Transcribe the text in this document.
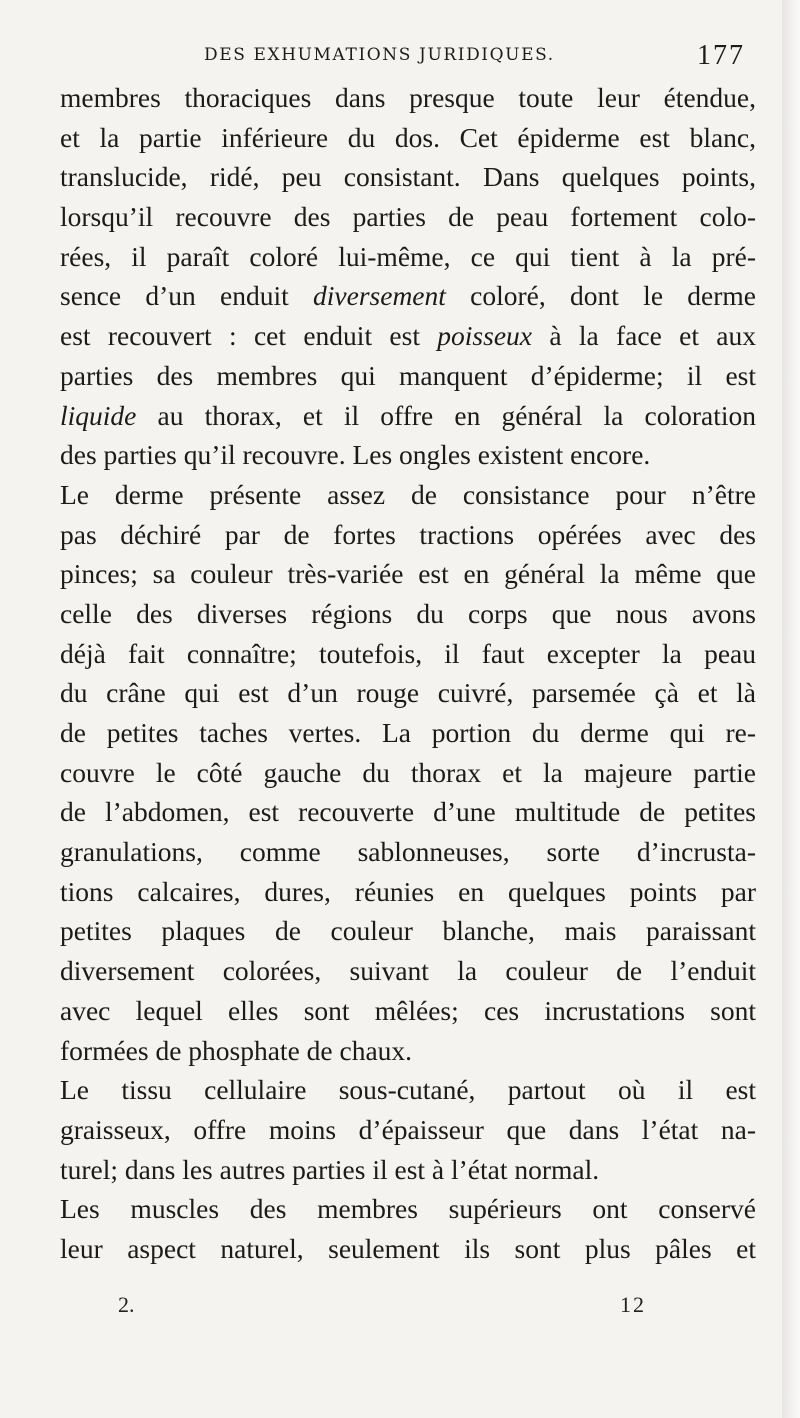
DES EXHUMATIONS JURIDIQUES.	177
membres thoraciques dans presque toute leur étendue,
et la partie inférieure du dos. Cet épiderme est blanc,
translucide, ridé, peu consistant. Dans quelques points,
lorsqu’il recouvre des parties de peau fortement colo-
rées, il paraît coloré lui-même, ce qui tient à la pré-
sence d’un enduit diversement coloré, dont le derme
est recouvert : cet enduit est poisseux à la face et aux
parties des membres qui manquent d’épiderme; il est
liquide au thorax, et il offre en général la coloration
des parties qu’il recouvre. Les ongles existent encore.
Le derme présente assez de consistance pour n’être
pas déchiré par de fortes tractions opérées avec des
pinces; sa couleur très-variée est en général la même que
celle des diverses régions du corps que nous avons
déjà fait connaître; toutefois, il faut excepter la peau
du crâne qui est d’un rouge cuivré, parsemée çà et là
de petites taches vertes. La portion du derme qui re-
couvre le côté gauche du thorax et la majeure partie
de l’abdomen, est recouverte d’une multitude de petites
granulations, comme sablonneuses, sorte d’incrusta-
tions calcaires, dures, réunies en quelques points par
petites plaques de couleur blanche, mais paraissant
diversement colorées, suivant la couleur de l’enduit
avec lequel elles sont mêlées; ces incrustations sont
formées de phosphate de chaux.
Le tissu cellulaire sous-cutané, partout où il est
graisseux, offre moins d’épaisseur que dans l’état na-
turel; dans les autres parties il est à l’état normal.
Les muscles des membres supérieurs ont conservé
leur aspect naturel, seulement ils sont plus pâles et
2.	12
